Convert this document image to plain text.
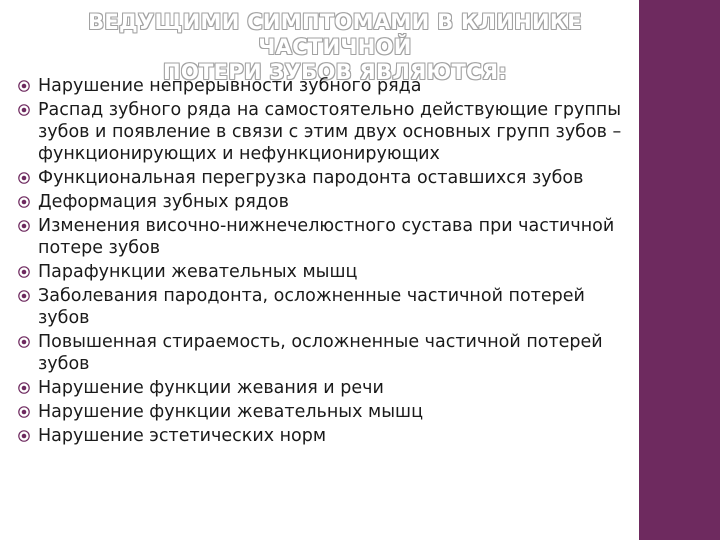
ВЕДУЩИМИ СИМПТОМАМИ В КЛИНИКЕ ЧАСТИЧНОЙ
ПОТЕРИ ЗУБОВ ЯВЛЯЮТСЯ:
Нарушение непрерывности зубного ряда
Распад зубного ряда на самостоятельно действующие группы зубов и появление в связи с этим двух основных групп зубов – функционирующих и нефункционирующих
Функциональная перегрузка пародонта оставшихся зубов
Деформация зубных рядов
Изменения височно-нижнечелюстного сустава при частичной потере зубов
Парафункции жевательных мышц
Заболевания пародонта, осложненные частичной потерей зубов
Повышенная стираемость, осложненные частичной потерей зубов
Нарушение функции жевания и речи
Нарушение функции жевательных мышц
Нарушение эстетических норм
